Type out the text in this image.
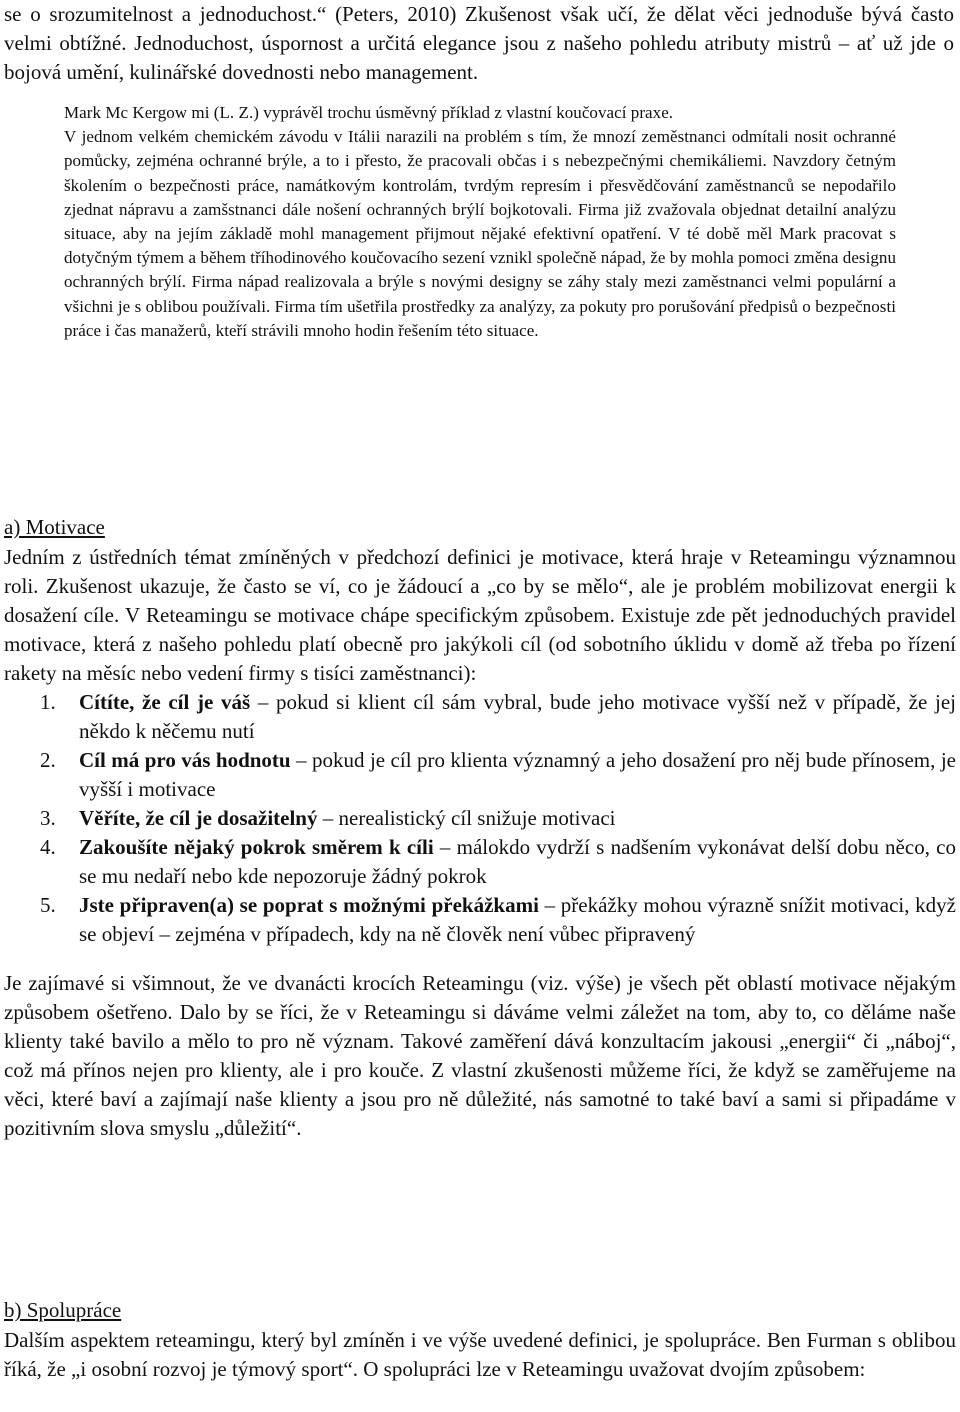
se o srozumitelnost a jednoduchost.“ (Peters, 2010) Zkušenost však učí, že dělat věci jednoduše bývá často velmi obtížné. Jednoduchost, úspornost a určitá elegance jsou z našeho pohledu atributy mistrů – ať už jde o bojová umění, kulinářské dovednosti nebo management.

Mark Mc Kergow mi (L. Z.) vyprávěl trochu úsměvný příklad z vlastní koučovací praxe.

V jednom velkém chemickém závodu v Itálii narazili na problém s tím, že mnozí zeměstnanci odmítali nosit ochranné pomůcky, zejména ochranné brýle, a to i přesto, že pracovali občas i s nebezpečnými chemikáliemi. Navzdory četným školením o bezpečnosti práce, namátkovým kontrolám, tvrdým represím i přesvědčování zaměstnanců se nepodařilo zjednat nápravu a zamšstnanci dále nošení ochranných brýlí bojkotovali. Firma již zvažovala objednat detailní analýzu situace, aby na jejím základě mohl management přijmout nějaké efektivní opatření. V té době měl Mark pracovat s dotyčným týmem a během tříhodinového koučovacího sezení vznikl společně nápad, že by mohla pomoci změna designu ochranných brýlí. Firma nápad realizovala a brýle s novými designy se záhy staly mezi zaměstnanci velmi populární a všichni je s oblibou používali. Firma tím ušetřila prostředky za analýzy, za pokuty pro porušování předpisů o bezpečnosti práce i čas manažerů, kteří strávili mnoho hodin řešením této situace.

a) Motivace

Jedním z ústředních témat zmíněných v předchozí definici je motivace, která hraje v Reteamingu významnou roli. Zkušenost ukazuje, že často se ví, co je žádoucí a „co by se mělo“, ale je problém mobilizovat energii k dosažení cíle. V Reteamingu se motivace chápe specifickým způsobem. Existuje zde pět jednoduchých pravidel motivace, která z našeho pohledu platí obecně pro jakýkoli cíl (od sobotního úklidu v domě až třeba po řízení rakety na měsíc nebo vedení firmy s tisíci zaměstnanci):

1. Cítíte, že cíl je váš – pokud si klient cíl sám vybral, bude jeho motivace vyšší než v případě, že jej někdo k něčemu nutí
2. Cíl má pro vás hodnotu – pokud je cíl pro klienta významný a jeho dosažení pro něj bude přínosem, je vyšší i motivace
3. Věříte, že cíl je dosažitelný – nerealistický cíl snižuje motivaci
4. Zakoušíte nějaký pokrok směrem k cíli – málokdo vydrží s nadšením vykonávat delší dobu něco, co se mu nedaří nebo kde nepozoruje žádný pokrok
5. Jste připraven(a) se poprat s možnými překážkami – překážky mohou výrazně snížit motivaci, když se objeví – zejména v případech, kdy na ně člověk není vůbec připravený

Je zajímavé si všimnout, že ve dvanácti krocích Reteamingu (viz. výše) je všech pět oblastí motivace nějakým způsobem ošetřeno. Dalo by se říci, že v Reteamingu si dáváme velmi záležet na tom, aby to, co děláme naše klienty také bavilo a mělo to pro ně význam. Takové zaměření dává konzultacím jakousi „energii“ či „náboj“, což má přínos nejen pro klienty, ale i pro kouče. Z vlastní zkušenosti můžeme říci, že když se zaměřujeme na věci, které baví a zajímají naše klienty a jsou pro ně důležité, nás samotné to také baví a sami si připadáme v pozitivním slova smyslu „důležití“.

b) Spolupráce

Dalším aspektem reteamingu, který byl zmíněn i ve výše uvedené definici, je spolupráce. Ben Furman s oblibou říká, že „i osobní rozvoj je týmový sport“. O spolupráci lze v Reteamingu uvažovat dvojím způsobem:
